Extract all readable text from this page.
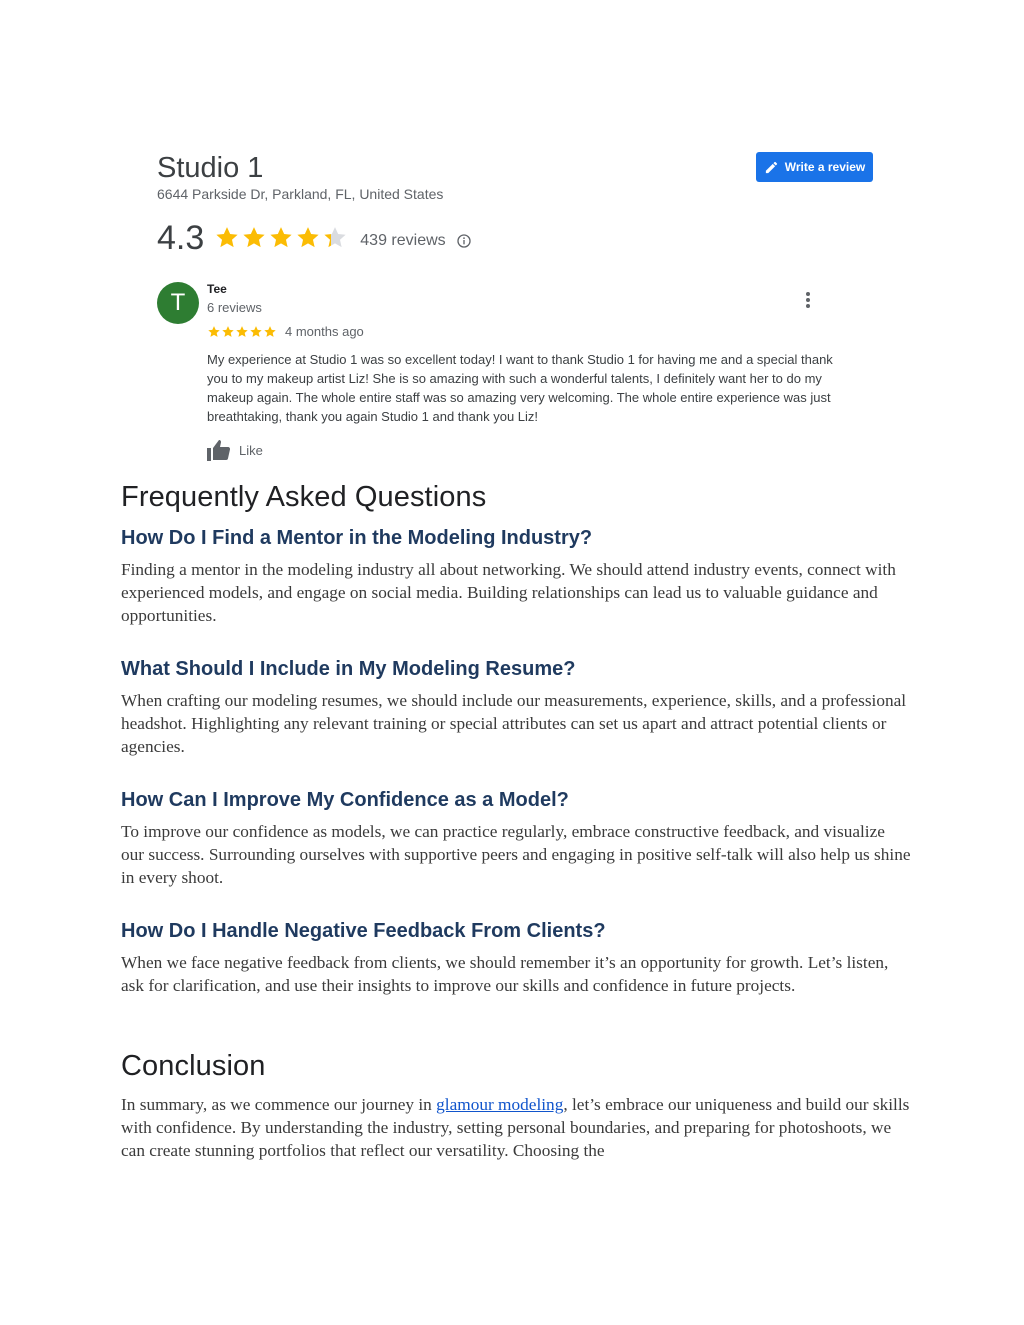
Studio 1
6644 Parkside Dr, Parkland, FL, United States
Write a review
4.3	439 reviews
T	Tee
6 reviews
4 months ago
My experience at Studio 1 was so excellent today! I want to thank Studio 1 for having me and a special thank you to my makeup artist Liz! She is so amazing with such a wonderful talents, I definitely want her to do my makeup again. The whole entire staff was so amazing very welcoming. The whole entire experience was just breathtaking, thank you again Studio 1 and thank you Liz!
Like
Frequently Asked Questions
How Do I Find a Mentor in the Modeling Industry?

Finding a mentor in the modeling industry all about networking. We should attend industry events, connect with experienced models, and engage on social media. Building relationships can lead us to valuable guidance and opportunities.

What Should I Include in My Modeling Resume?

When crafting our modeling resumes, we should include our measurements, experience, skills, and a professional headshot. Highlighting any relevant training or special attributes can set us apart and attract potential clients or agencies.

How Can I Improve My Confidence as a Model?

To improve our confidence as models, we can practice regularly, embrace constructive feedback, and visualize our success. Surrounding ourselves with supportive peers and engaging in positive self-talk will also help us shine in every shoot.

How Do I Handle Negative Feedback From Clients?

When we face negative feedback from clients, we should remember it’s an opportunity for growth. Let’s listen, ask for clarification, and use their insights to improve our skills and confidence in future projects.

Conclusion

In summary, as we commence our journey in glamour modeling, let’s embrace our uniqueness and build our skills with confidence. By understanding the industry, setting personal boundaries, and preparing for photoshoots, we can create stunning portfolios that reflect our versatility. Choosing the
